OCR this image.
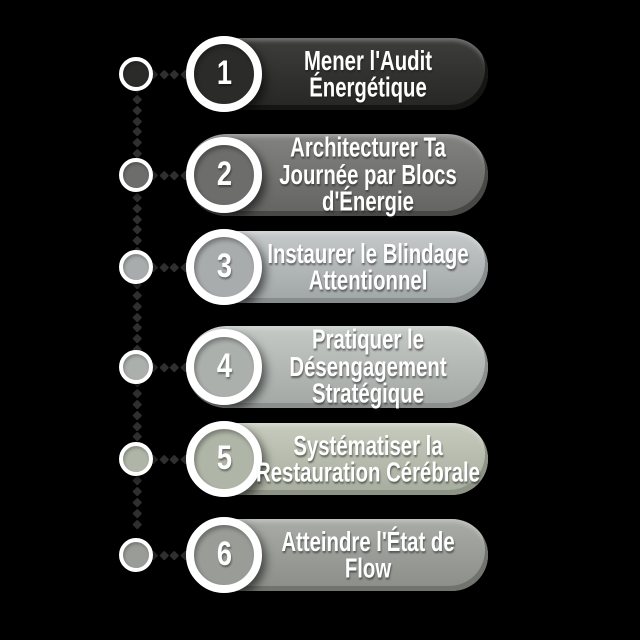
1	Mener l'Audit
Énergétique
2
Architecturer Ta
Journée par Blocs
d'Énergie
3 Instaurer le Blindage
Attentionnel
4
Pratiquer le
Désengagement
Stratégique
5 Systématiser la
Restauration Cérébrale
6 Atteindre l'État de
Flow
